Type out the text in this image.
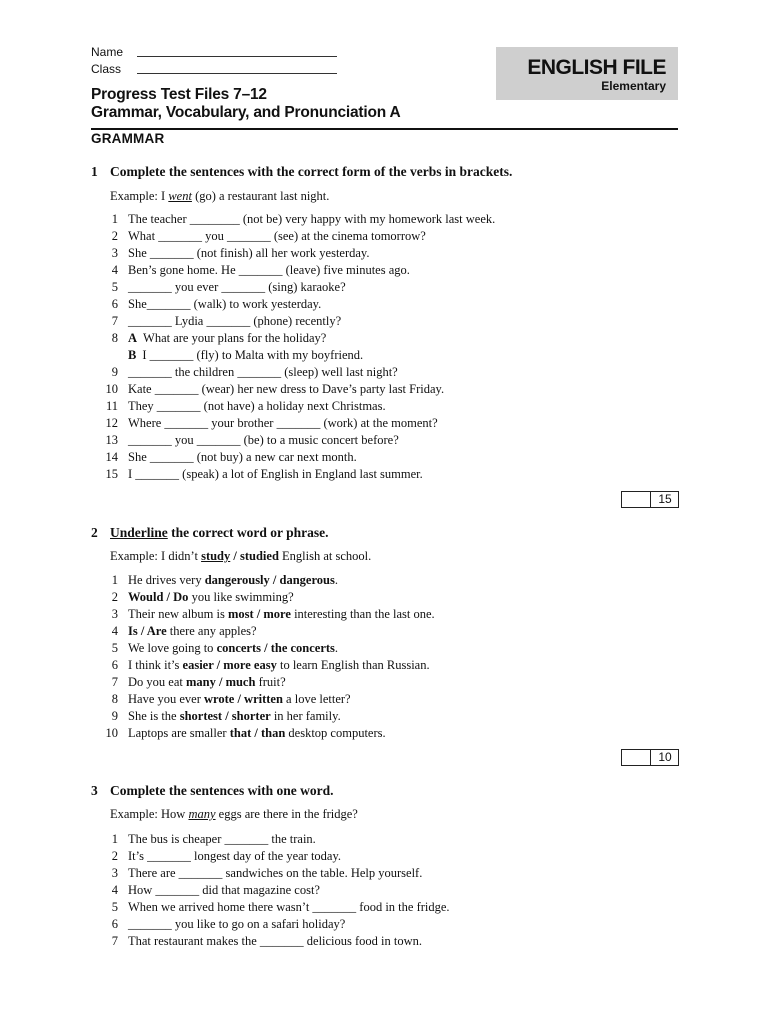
Name
Class	ENGLISH FILE
Elementary
Progress Test Files 7–12
Grammar, Vocabulary, and Pronunciation A
GRAMMAR
1 Complete the sentences with the correct form of the verbs in brackets.
Example: I went (go) a restaurant last night.
1 The teacher ________ (not be) very happy with my homework last week.
2 What _______ you _______ (see) at the cinema tomorrow?
3 She _______ (not finish) all her work yesterday.
4 Ben’s gone home. He _______ (leave) five minutes ago.
5 _______ you ever _______ (sing) karaoke?
6 She_______ (walk) to work yesterday.
7 _______ Lydia _______ (phone) recently?
8 A What are your plans for the holiday?
B I _______ (fly) to Malta with my boyfriend.
9 _______ the children _______ (sleep) well last night?
10 Kate _______ (wear) her new dress to Dave’s party last Friday.
11 They _______ (not have) a holiday next Christmas.
12 Where _______ your brother _______ (work) at the moment?
13 _______ you _______ (be) to a music concert before?
14 She _______ (not buy) a new car next month.
15 I _______ (speak) a lot of English in England last summer.
15
2 Underline the correct word or phrase.
Example: I didn’t study / studied English at school.
1 He drives very dangerously / dangerous.
2 Would / Do you like swimming?
3 Their new album is most / more interesting than the last one.
4 Is / Are there any apples?
5 We love going to concerts / the concerts.
6 I think it’s easier / more easy to learn English than Russian.
7 Do you eat many / much fruit?
8 Have you ever wrote / written a love letter?
9 She is the shortest / shorter in her family.
10 Laptops are smaller that / than desktop computers.
10
3 Complete the sentences with one word.
Example: How many eggs are there in the fridge?
1 The bus is cheaper _______ the train.
2 It’s _______ longest day of the year today.
3 There are _______ sandwiches on the table. Help yourself.
4 How _______ did that magazine cost?
5 When we arrived home there wasn’t _______ food in the fridge.
6 _______ you like to go on a safari holiday?
7 That restaurant makes the _______ delicious food in town.
